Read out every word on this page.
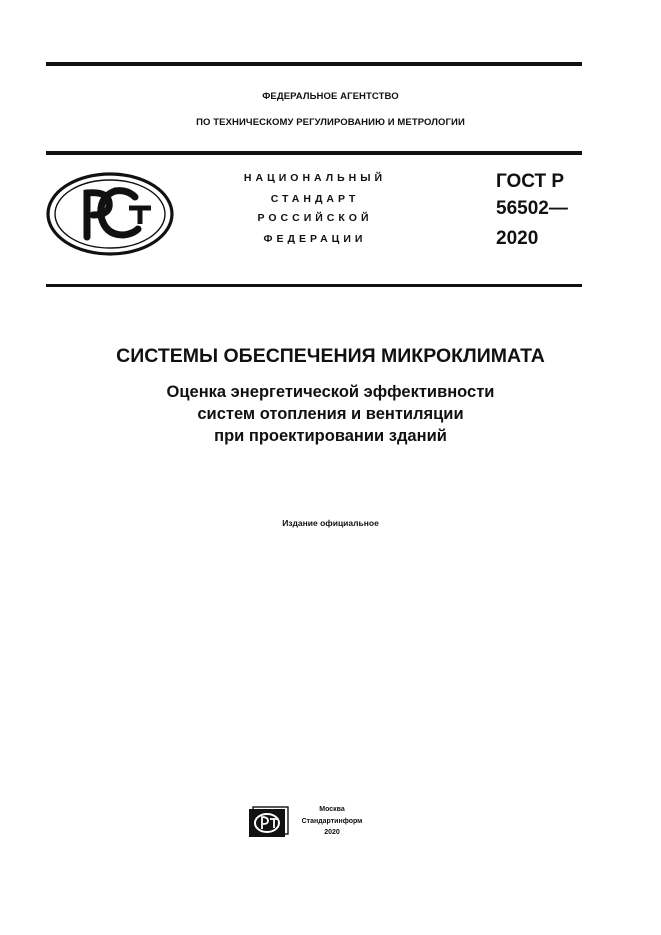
ФЕДЕРАЛЬНОЕ АГЕНТСТВО
ПО ТЕХНИЧЕСКОМУ РЕГУЛИРОВАНИЮ И МЕТРОЛОГИИ
НАЦИОНАЛЬНЫЙ
СТАНДАРТ
РОССИЙСКОЙ
ФЕДЕРАЦИИ
ГОСТ Р
56502—
2020
СИСТЕМЫ ОБЕСПЕЧЕНИЯ МИКРОКЛИМАТА
Оценка энергетической эффективности
систем отопления и вентиляции
при проектировании зданий
Издание официальное
Москва
Стандартинформ
2020
